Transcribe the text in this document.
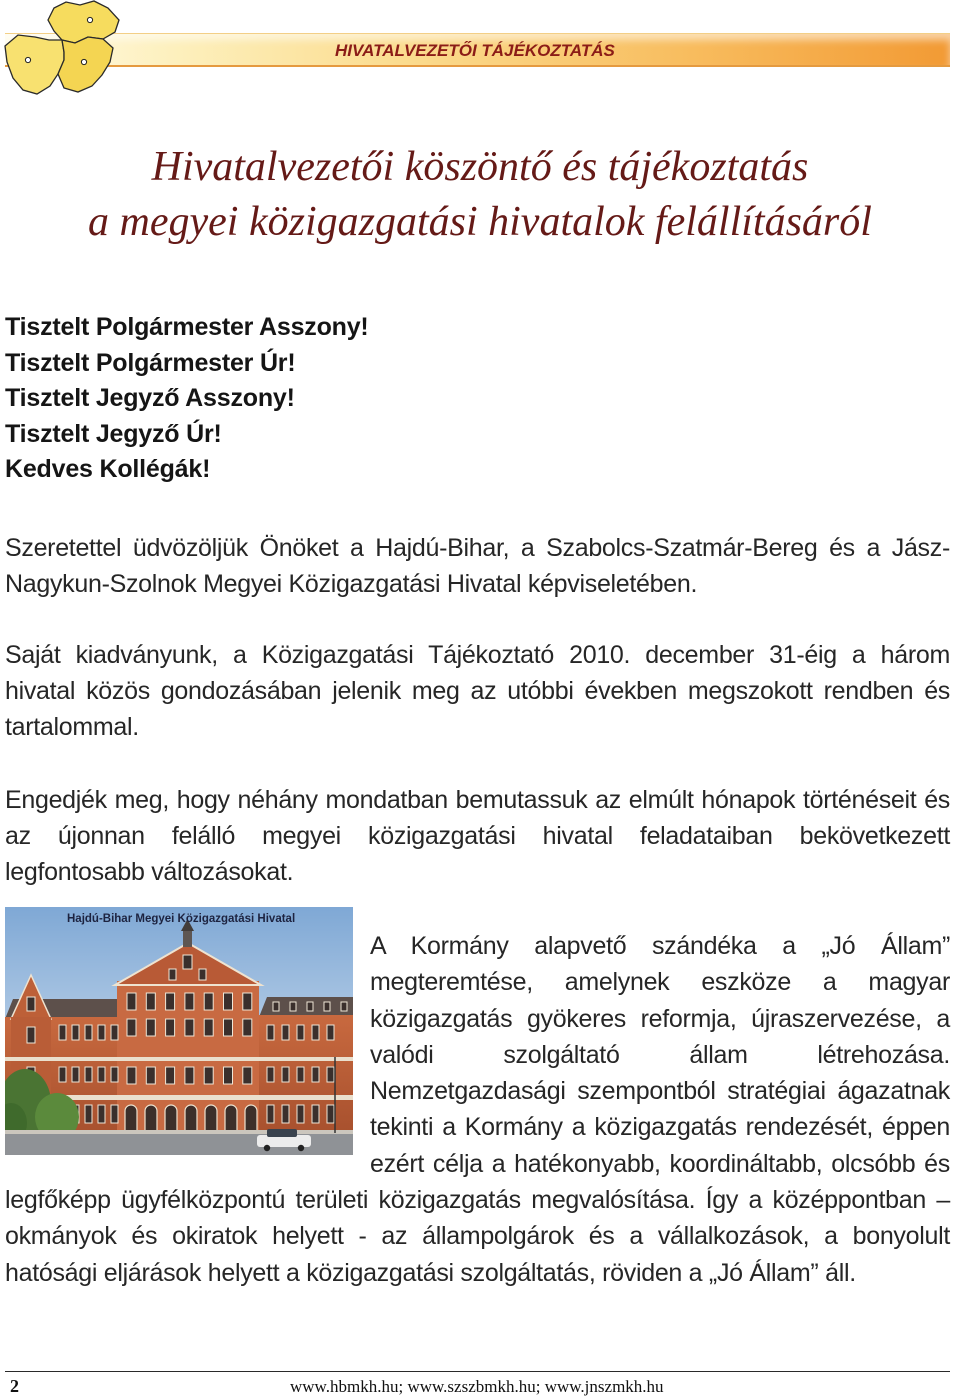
HIVATALVEZETŐI TÁJÉKOZTATÁS
Hivatalvezetői köszöntő és tájékoztatás
a megyei közigazgatási hivatalok felállításáról
Tisztelt Polgármester Asszony!
Tisztelt Polgármester Úr!
Tisztelt Jegyző Asszony!
Tisztelt Jegyző Úr!
Kedves Kollégák!

Szeretettel üdvözöljük Önöket a Hajdú-Bihar, a Szabolcs-Szatmár-Bereg és a Jász-Nagykun-Szolnok Megyei Közigazgatási Hivatal képviseletében.

Saját kiadványunk, a Közigazgatási Tájékoztató 2010. december 31-éig a három hivatal közös gondozásában jelenik meg az utóbbi években megszokott rendben és tartalommal.

Engedjék meg, hogy néhány mondatban bemutassuk az elmúlt hónapok történéseit és az újonnan felálló megyei közigazgatási hivatal feladataiban bekövetkezett legfontosabb változásokat.

Hajdú-Bihar Megyei Közigazgatási Hivatal

A Kormány alapvető szándéka a „Jó Állam” megteremtése, amelynek eszköze a magyar közigazgatás gyökeres reformja, újraszervezése, a valódi szolgáltató állam létrehozása. Nemzetgazdasági szempontból stratégiai ágazatnak tekinti a Kormány a közigazgatás rendezését, éppen ezért célja a hatékonyabb, koordináltabb, olcsóbb és legfőképp ügyfélközpontú területi közigazgatás megvalósítása. Így a középpontban – okmányok és okiratok helyett - az állampolgárok és a vállalkozások, a bonyolult hatósági eljárások helyett a közigazgatási szolgáltatás, röviden a „Jó Állam” áll.

2	www.hbmkh.hu; www.szszbmkh.hu; www.jnszmkh.hu
